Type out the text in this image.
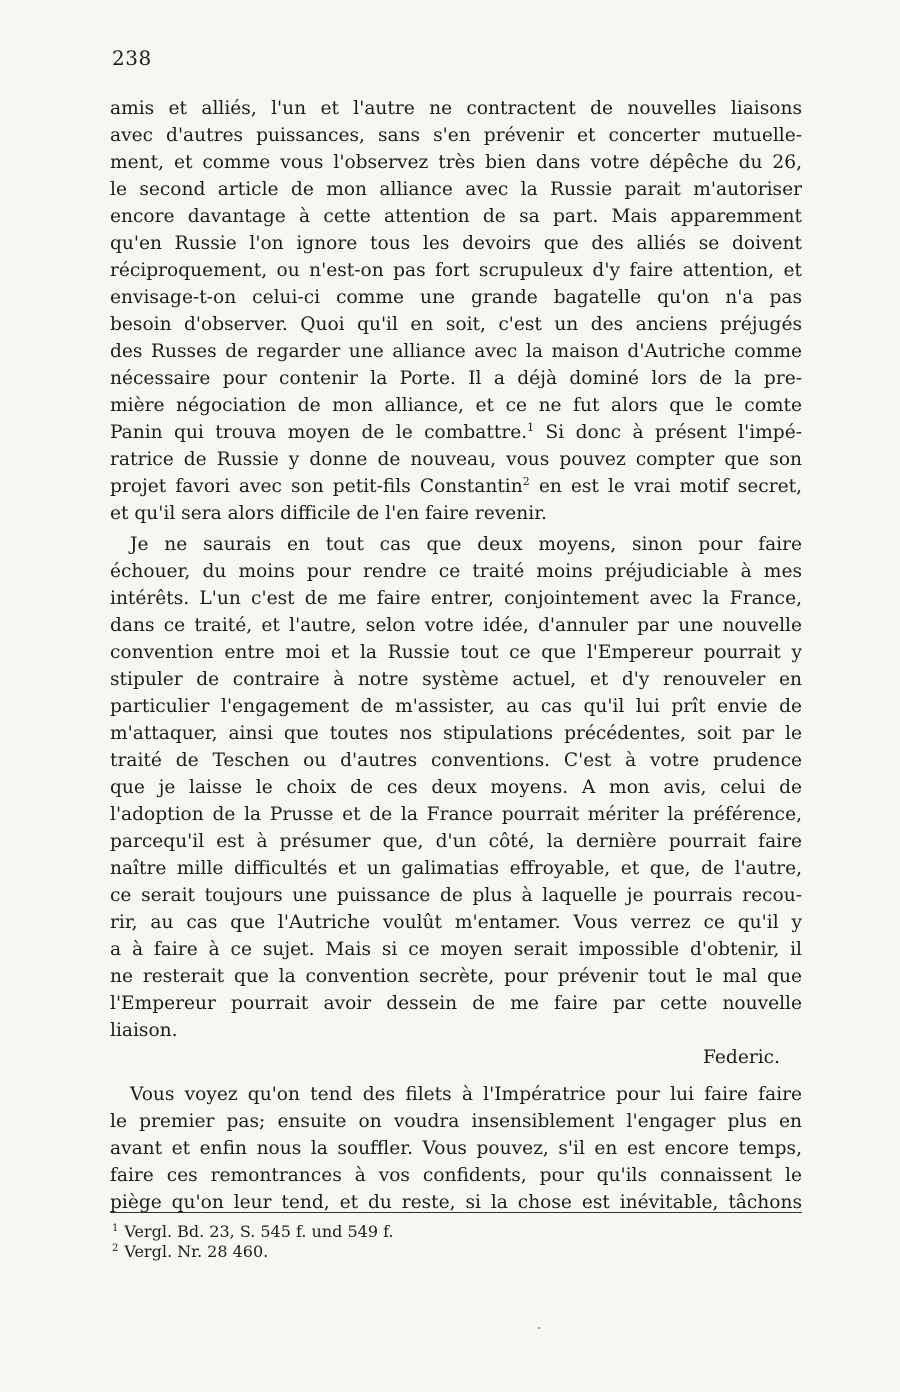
238
amis et alliés, l'un et l'autre ne contractent de nouvelles liaisons
avec d'autres puissances, sans s'en prévenir et concerter mutuelle-
ment, et comme vous l'observez très bien dans votre dépêche du 26,
le second article de mon alliance avec la Russie parait m'autoriser
encore davantage à cette attention de sa part. Mais apparemment
qu'en Russie l'on ignore tous les devoirs que des alliés se doivent
réciproquement, ou n'est-on pas fort scrupuleux d'y faire attention, et
envisage-t-on celui-ci comme une grande bagatelle qu'on n'a pas
besoin d'observer. Quoi qu'il en soit, c'est un des anciens préjugés
des Russes de regarder une alliance avec la maison d'Autriche comme
nécessaire pour contenir la Porte. Il a déjà dominé lors de la pre-
mière négociation de mon alliance, et ce ne fut alors que le comte
Panin qui trouva moyen de le combattre.$^1$ Si donc à présent l'impé-
ratrice de Russie y donne de nouveau, vous pouvez compter que son
projet favori avec son petit-fils Constantin$^2$ en est le vrai motif secret,
et qu'il sera alors difficile de l'en faire revenir.
Je ne saurais en tout cas que deux moyens, sinon pour faire
échouer, du moins pour rendre ce traité moins préjudiciable à mes
intérêts. L'un c'est de me faire entrer, conjointement avec la France,
dans ce traité, et l'autre, selon votre idée, d'annuler par une nouvelle
convention entre moi et la Russie tout ce que l'Empereur pourrait y
stipuler de contraire à notre système actuel, et d'y renouveler en
particulier l'engagement de m'assister, au cas qu'il lui prît envie de
m'attaquer, ainsi que toutes nos stipulations précédentes, soit par le
traité de Teschen ou d'autres conventions. C'est à votre prudence
que je laisse le choix de ces deux moyens. A mon avis, celui de
l'adoption de la Prusse et de la France pourrait mériter la préférence,
parcequ'il est à présumer que, d'un côté, la dernière pourrait faire
naître mille difficultés et un galimatias effroyable, et que, de l'autre,
ce serait toujours une puissance de plus à laquelle je pourrais recou-
rir, au cas que l'Autriche voulût m'entamer. Vous verrez ce qu'il y
a à faire à ce sujet. Mais si ce moyen serait impossible d'obtenir, il
ne resterait que la convention secrète, pour prévenir tout le mal que
l'Empereur pourrait avoir dessein de me faire par cette nouvelle
liaison.
Federic.
Vous voyez qu'on tend des filets à l'Impératrice pour lui faire faire
le premier pas; ensuite on voudra insensiblement l'engager plus en
avant et enfin nous la souffler. Vous pouvez, s'il en est encore temps,
faire ces remontrances à vos confidents, pour qu'ils connaissent le
piège qu'on leur tend, et du reste, si la chose est inévitable, tâchons
$^1$ Vergl. Bd. 23, S. 545 f. und 549 f.
$^2$ Vergl. Nr. 28 460.
